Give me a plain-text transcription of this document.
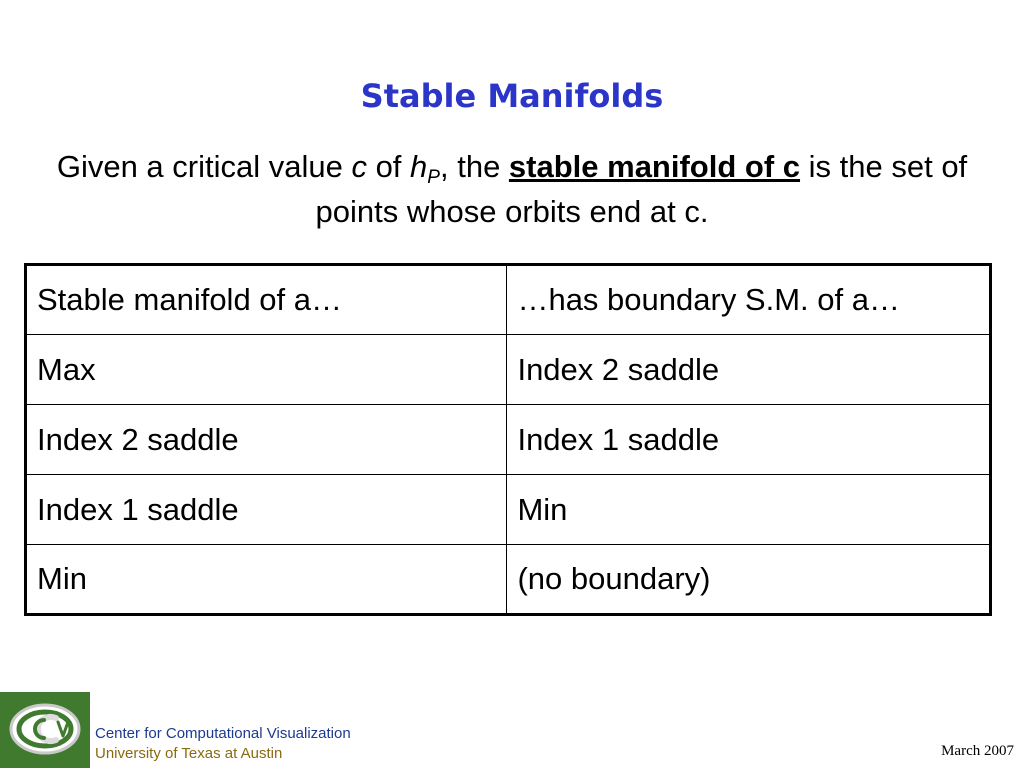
Stable Manifolds

Given a critical value c of $h_P$, the stable manifold of c is the set of points whose orbits end at c.

Stable manifold of a…	…has boundary S.M. of a…
Max	Index 2 saddle
Index 2 saddle	Index 1 saddle
Index 1 saddle	Min
Min	(no boundary)
Center for Computational Visualization
University of Texas at Austin	March 2007
